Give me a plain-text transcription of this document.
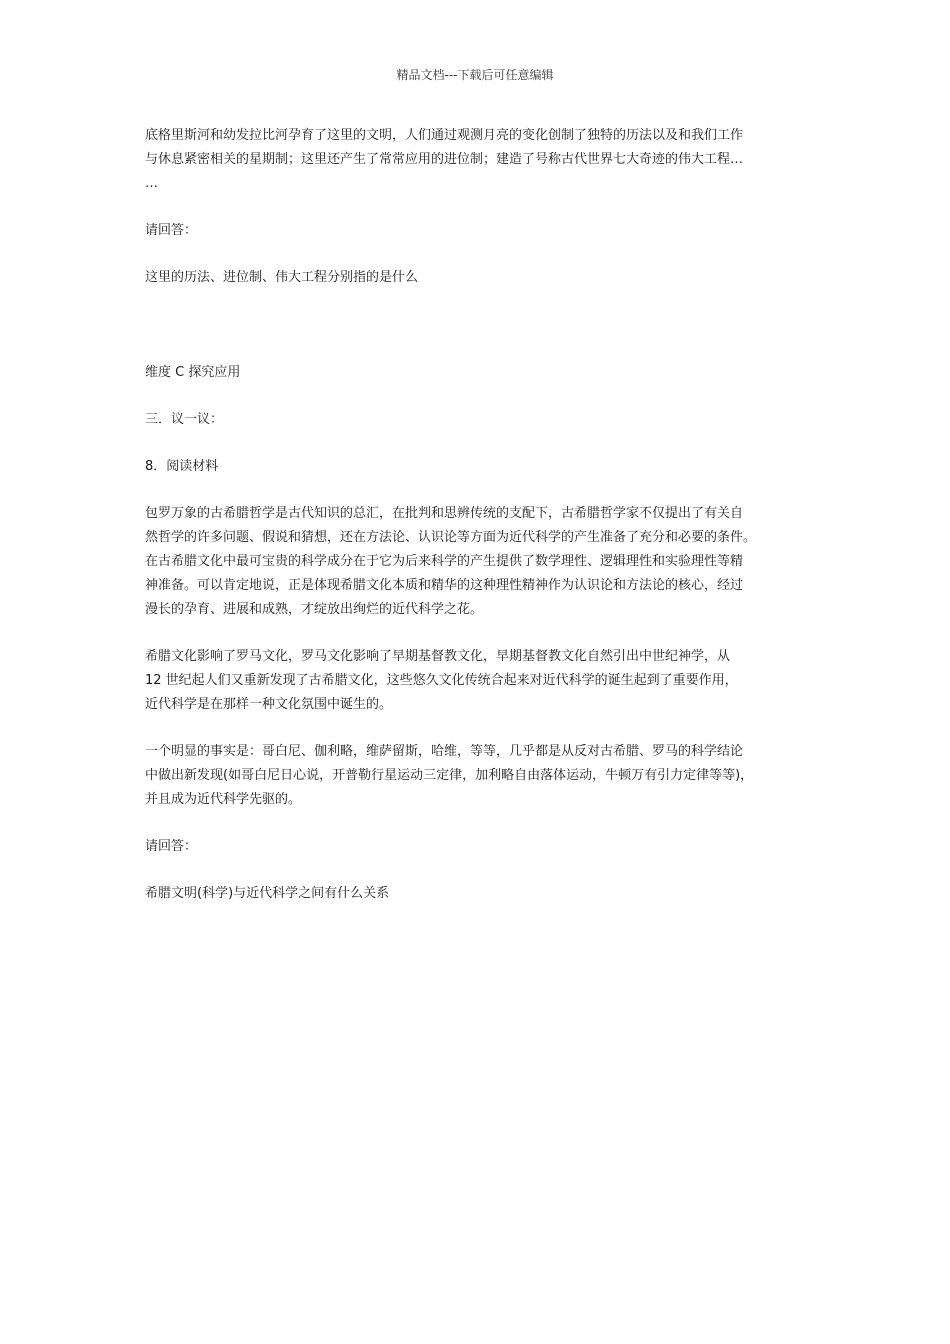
精品文档---下载后可任意编辑
底格里斯河和幼发拉比河孕育了这里的文明，人们通过观测月亮的变化创制了独特的历法以及和我们工作
与休息紧密相关的星期制；这里还产生了常常应用的进位制；建造了号称古代世界七大奇迹的伟大工程…
…
请回答：
这里的历法、进位制、伟大工程分别指的是什么
维度 C 探究应用
三．议一议：
8．阅读材料
包罗万象的古希腊哲学是古代知识的总汇，在批判和思辨传统的支配下，古希腊哲学家不仅提出了有关自
然哲学的许多问题、假说和猜想，还在方法论、认识论等方面为近代科学的产生准备了充分和必要的条件。
在古希腊文化中最可宝贵的科学成分在于它为后来科学的产生提供了数学理性、逻辑理性和实验理性等精
神准备。可以肯定地说，正是体现希腊文化本质和精华的这种理性精神作为认识论和方法论的核心，经过
漫长的孕育、进展和成熟，才绽放出绚烂的近代科学之花。
希腊文化影响了罗马文化，罗马文化影响了早期基督教文化，早期基督教文化自然引出中世纪神学，从
12 世纪起人们又重新发现了古希腊文化，这些悠久文化传统合起来对近代科学的诞生起到了重要作用，
近代科学是在那样一种文化氛围中诞生的。
一个明显的事实是：哥白尼、伽利略，维萨留斯，哈维，等等，几乎都是从反对古希腊、罗马的科学结论
中做出新发现(如哥白尼日心说，开普勒行星运动三定律，加利略自由落体运动，牛顿万有引力定律等等)，
并且成为近代科学先驱的。
请回答：
希腊文明(科学)与近代科学之间有什么关系
